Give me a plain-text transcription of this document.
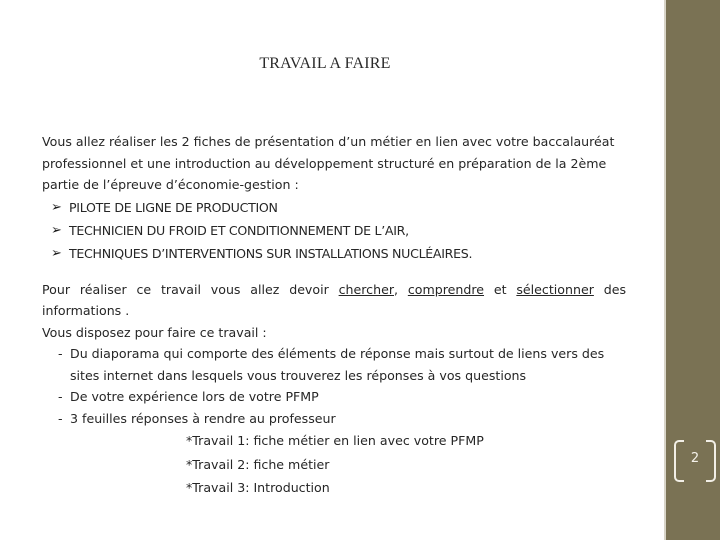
TRAVAIL A FAIRE

Vous allez réaliser les 2 fiches de présentation d’un métier en lien avec votre baccalauréat professionnel et une introduction au développement structuré en préparation de la 2ème partie de l’épreuve d’économie-gestion :

➢ PILOTE DE LIGNE DE PRODUCTION
➢ TECHNICIEN DU FROID ET CONDITIONNEMENT DE L’AIR,
➢ TECHNIQUES D’INTERVENTIONS SUR INSTALLATIONS NUCLÉAIRES.

Pour réaliser ce travail vous allez devoir chercher, comprendre et sélectionner des

informations .

Vous disposez pour faire ce travail :

- Du diaporama qui comporte des éléments de réponse mais surtout de liens vers des sites internet dans lesquels vous trouverez les réponses à vos questions
- De votre expérience lors de votre PFMP
- 3 feuilles réponses à rendre au professeur
*Travail 1: fiche métier en lien avec votre PFMP
*Travail 2: fiche métier
*Travail 3: Introduction
2
